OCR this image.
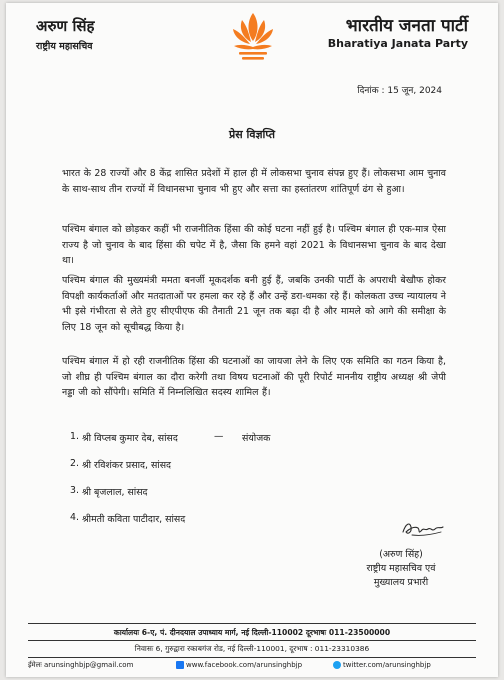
अरुण सिंह
राष्ट्रीय महासचिव
भारतीय जनता पार्टी
Bharatiya Janata Party
दिनांक : 15 जून, 2024
प्रेस विज्ञप्ति
भारत के 28 राज्यों और 8 केंद्र शासित प्रदेशों में हाल ही में लोकसभा चुनाव संपन्न हुए हैं। लोकसभा आम चुनाव के साथ-साथ तीन राज्यों में विधानसभा चुनाव भी हुए और सत्ता का हस्तांतरण शांतिपूर्ण ढंग से हुआ।
पश्चिम बंगाल को छोड़कर कहीं भी राजनीतिक हिंसा की कोई घटना नहीं हुई है। पश्चिम बंगाल ही एक-मात्र ऐसा राज्य है जो चुनाव के बाद हिंसा की चपेट में है, जैसा कि हमने वहां 2021 के विधानसभा चुनाव के बाद देखा था।
पश्चिम बंगाल की मुख्यमंत्री ममता बनर्जी मूकदर्शक बनी हुई हैं, जबकि उनकी पार्टी के अपराधी बेखौफ होकर विपक्षी कार्यकर्ताओं और मतदाताओं पर हमला कर रहे हैं और उन्हें डरा-धमका रहे हैं। कोलकता उच्च न्यायालय ने भी इसे गंभीरता से लेते हुए सीएपीएफ की तैनाती 21 जून तक बढ़ा दी है और मामले को आगे की समीक्षा के लिए 18 जून को सूचीबद्ध किया है।
पश्चिम बंगाल में हो रही राजनीतिक हिंसा की घटनाओं का जायजा लेने के लिए एक समिति का गठन किया है, जो शीघ्र ही पश्चिम बंगाल का दौरा करेगी तथा विषय घटनाओं की पूरी रिपोर्ट माननीय राष्ट्रीय अध्यक्ष श्री जेपी नड्डा जी को सौंपेगी। समिति में निम्नलिखित सदस्य शामिल हैं।
1. श्री विप्लब कुमार देब, सांसद	— संयोजक
2. श्री रविशंकर प्रसाद, सांसद
3. श्री बृजलाल, सांसद
4. श्रीमती कविता पाटीदार, सांसद
(अरुण सिंह)
राष्ट्रीय महासचिव एवं
मुख्यालय प्रभारी
कार्यालयः 6-ए, पं. दीनदयाल उपाध्याय मार्ग, नई दिल्ली-110002 दूरभाषः 011-23500000
निवासः 6, गुरुद्वारा रकाबगंज रोड, नई दिल्ली-110001, दूरभाष : 011-23310386
ईमेलः arunsinghbjp@gmail.com	www.facebook.com/arunsinghbjp	twitter.com/arunsinghbjp
